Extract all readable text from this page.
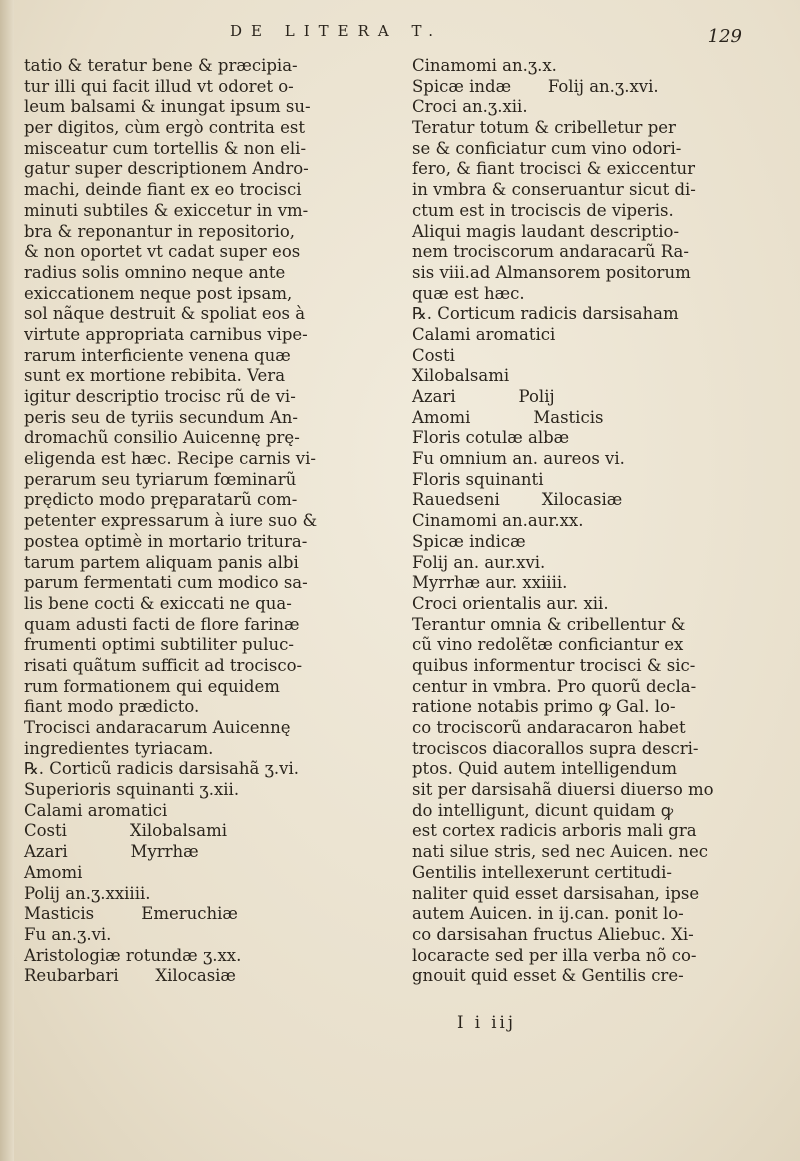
DE LITERA T.	129
tatio & teratur bene & præcipia-
tur illi qui facit illud vt odoret o-
leum balsami & inungat ipsum su-
per digitos, cùm ergò contrita est
misceatur cum tortellis & non eli-
gatur super descriptionem Andro-
machi, deinde fiant ex eo trocisci
minuti subtiles & exiccetur in vm-
bra & reponantur in repositorio,
& non oportet vt cadat super eos
radius solis omnino neque ante
exiccationem neque post ipsam,
sol nãque destruit & spoliat eos à
virtute appropriata carnibus vipe-
rarum interficiente venena quæ
sunt ex mortione rebibita. Vera
igitur descriptio trocisc rũ de vi-
peris seu de tyriis secundum An-
dromachũ consilio Auicennę prę-
eligenda est hæc. Recipe carnis vi-
perarum seu tyriarum fœminarũ
prędicto modo pręparatarũ com-
petenter expressarum à iure suo &
postea optimè in mortario tritura-
tarum partem aliquam panis albi
parum fermentati cum modico sa-
lis bene cocti & exiccati ne qua-
quam adusti facti de flore farinæ
frumenti optimi subtiliter puluc-
risati quãtum sufficit ad trocisco-
rum formationem qui equidem
fiant modo prædicto.
Trocisci andaracarum Auicennę
ingredientes tyriacam.
℞. Corticũ radicis darsisahã ʒ.vi.
Superioris squinanti ʒ.xii.
Calami aromatici
Costi            Xilobalsami
Azari            Myrrhæ
Amomi
Polij an.ʒ.xxiiii.
Masticis         Emeruchiæ
Fu an.ʒ.vi.
Aristologiæ rotundæ ʒ.xx.
Reubarbari       Xilocasiæ
Cinamomi an.ʒ.x.
Spicæ indæ       Folij an.ʒ.xvi.
Croci an.ʒ.xii.
Teratur totum & cribelletur per
se & conficiatur cum vino odori-
fero, & fiant trocisci & exiccentur
in vmbra & conseruantur sicut di-
ctum est in trociscis de viperis.
Aliqui magis laudant descriptio-
nem trociscorum andaracarũ Ra-
sis viii.ad Almansorem positorum
quæ est hæc.
℞. Corticum radicis darsisaham
Calami aromatici
Costi
Xilobalsami
Azari            Polij
Amomi            Masticis
Floris cotulæ albæ
Fu omnium an. aureos vi.
Floris squinanti
Rauedseni        Xilocasiæ
Cinamomi an.aur.xx.
Spicæ indicæ
Folij an. aur.xvi.
Myrrhæ aur. xxiiii.
Croci orientalis aur. xii.
Terantur omnia & cribellentur &
cũ vino redolẽtæ conficiantur ex
quibus informentur trocisci & sic-
centur in vmbra. Pro quorũ decla-
ratione notabis primo ꝙ Gal. lo-
co trociscorũ andaracaron habet
trociscos diacorallos supra descri-
ptos. Quid autem intelligendum
sit per darsisahã diuersi diuerso mo
do intelligunt, dicunt quidam ꝙ
est cortex radicis arboris mali gra
nati silue stris, sed nec Auicen. nec
Gentilis intellexerunt certitudi-
naliter quid esset darsisahan, ipse
autem Auicen. in ij.can. ponit lo-
co darsisahan fructus Aliebuc. Xi-
locaracte sed per illa verba nõ co-
gnouit quid esset & Gentilis cre-
I i iij
